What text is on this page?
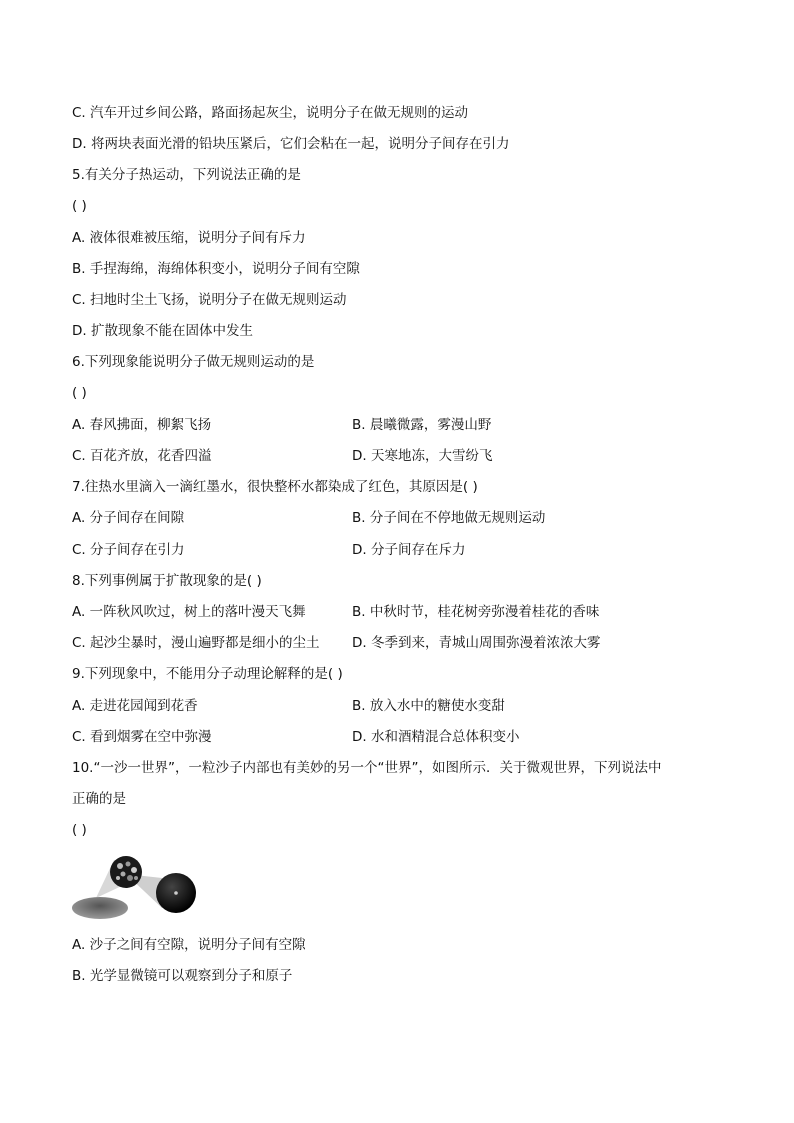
C. 汽车开过乡间公路，路面扬起灰尘，说明分子在做无规则的运动
D. 将两块表面光滑的铅块压紧后，它们会粘在一起，说明分子间存在引力
5.有关分子热运动，下列说法正确的是
( )
A. 液体很难被压缩，说明分子间有斥力
B. 手捏海绵，海绵体积变小，说明分子间有空隙
C. 扫地时尘土飞扬，说明分子在做无规则运动
D. 扩散现象不能在固体中发生
6.下列现象能说明分子做无规则运动的是
( )
A. 春风拂面，柳絮飞扬	B. 晨曦微露，雾漫山野
C. 百花齐放，花香四溢	D. 天寒地冻，大雪纷飞
7.往热水里滴入一滴红墨水，很快整杯水都染成了红色，其原因是( )
A. 分子间存在间隙	B. 分子间在不停地做无规则运动
C. 分子间存在引力	D. 分子间存在斥力
8.下列事例属于扩散现象的是( )
A. 一阵秋风吹过，树上的落叶漫天飞舞	B. 中秋时节，桂花树旁弥漫着桂花的香味
C. 起沙尘暴时，漫山遍野都是细小的尘土 D. 冬季到来，青城山周围弥漫着浓浓大雾
9.下列现象中，不能用分子动理论解释的是( )
A. 走进花园闻到花香	B. 放入水中的糖使水变甜
C. 看到烟雾在空中弥漫	D. 水和酒精混合总体积变小
10.“一沙一世界”，一粒沙子内部也有美妙的另一个“世界”，如图所示．关于微观世界，下列说法中
正确的是
( )
A. 沙子之间有空隙，说明分子间有空隙
B. 光学显微镜可以观察到分子和原子
